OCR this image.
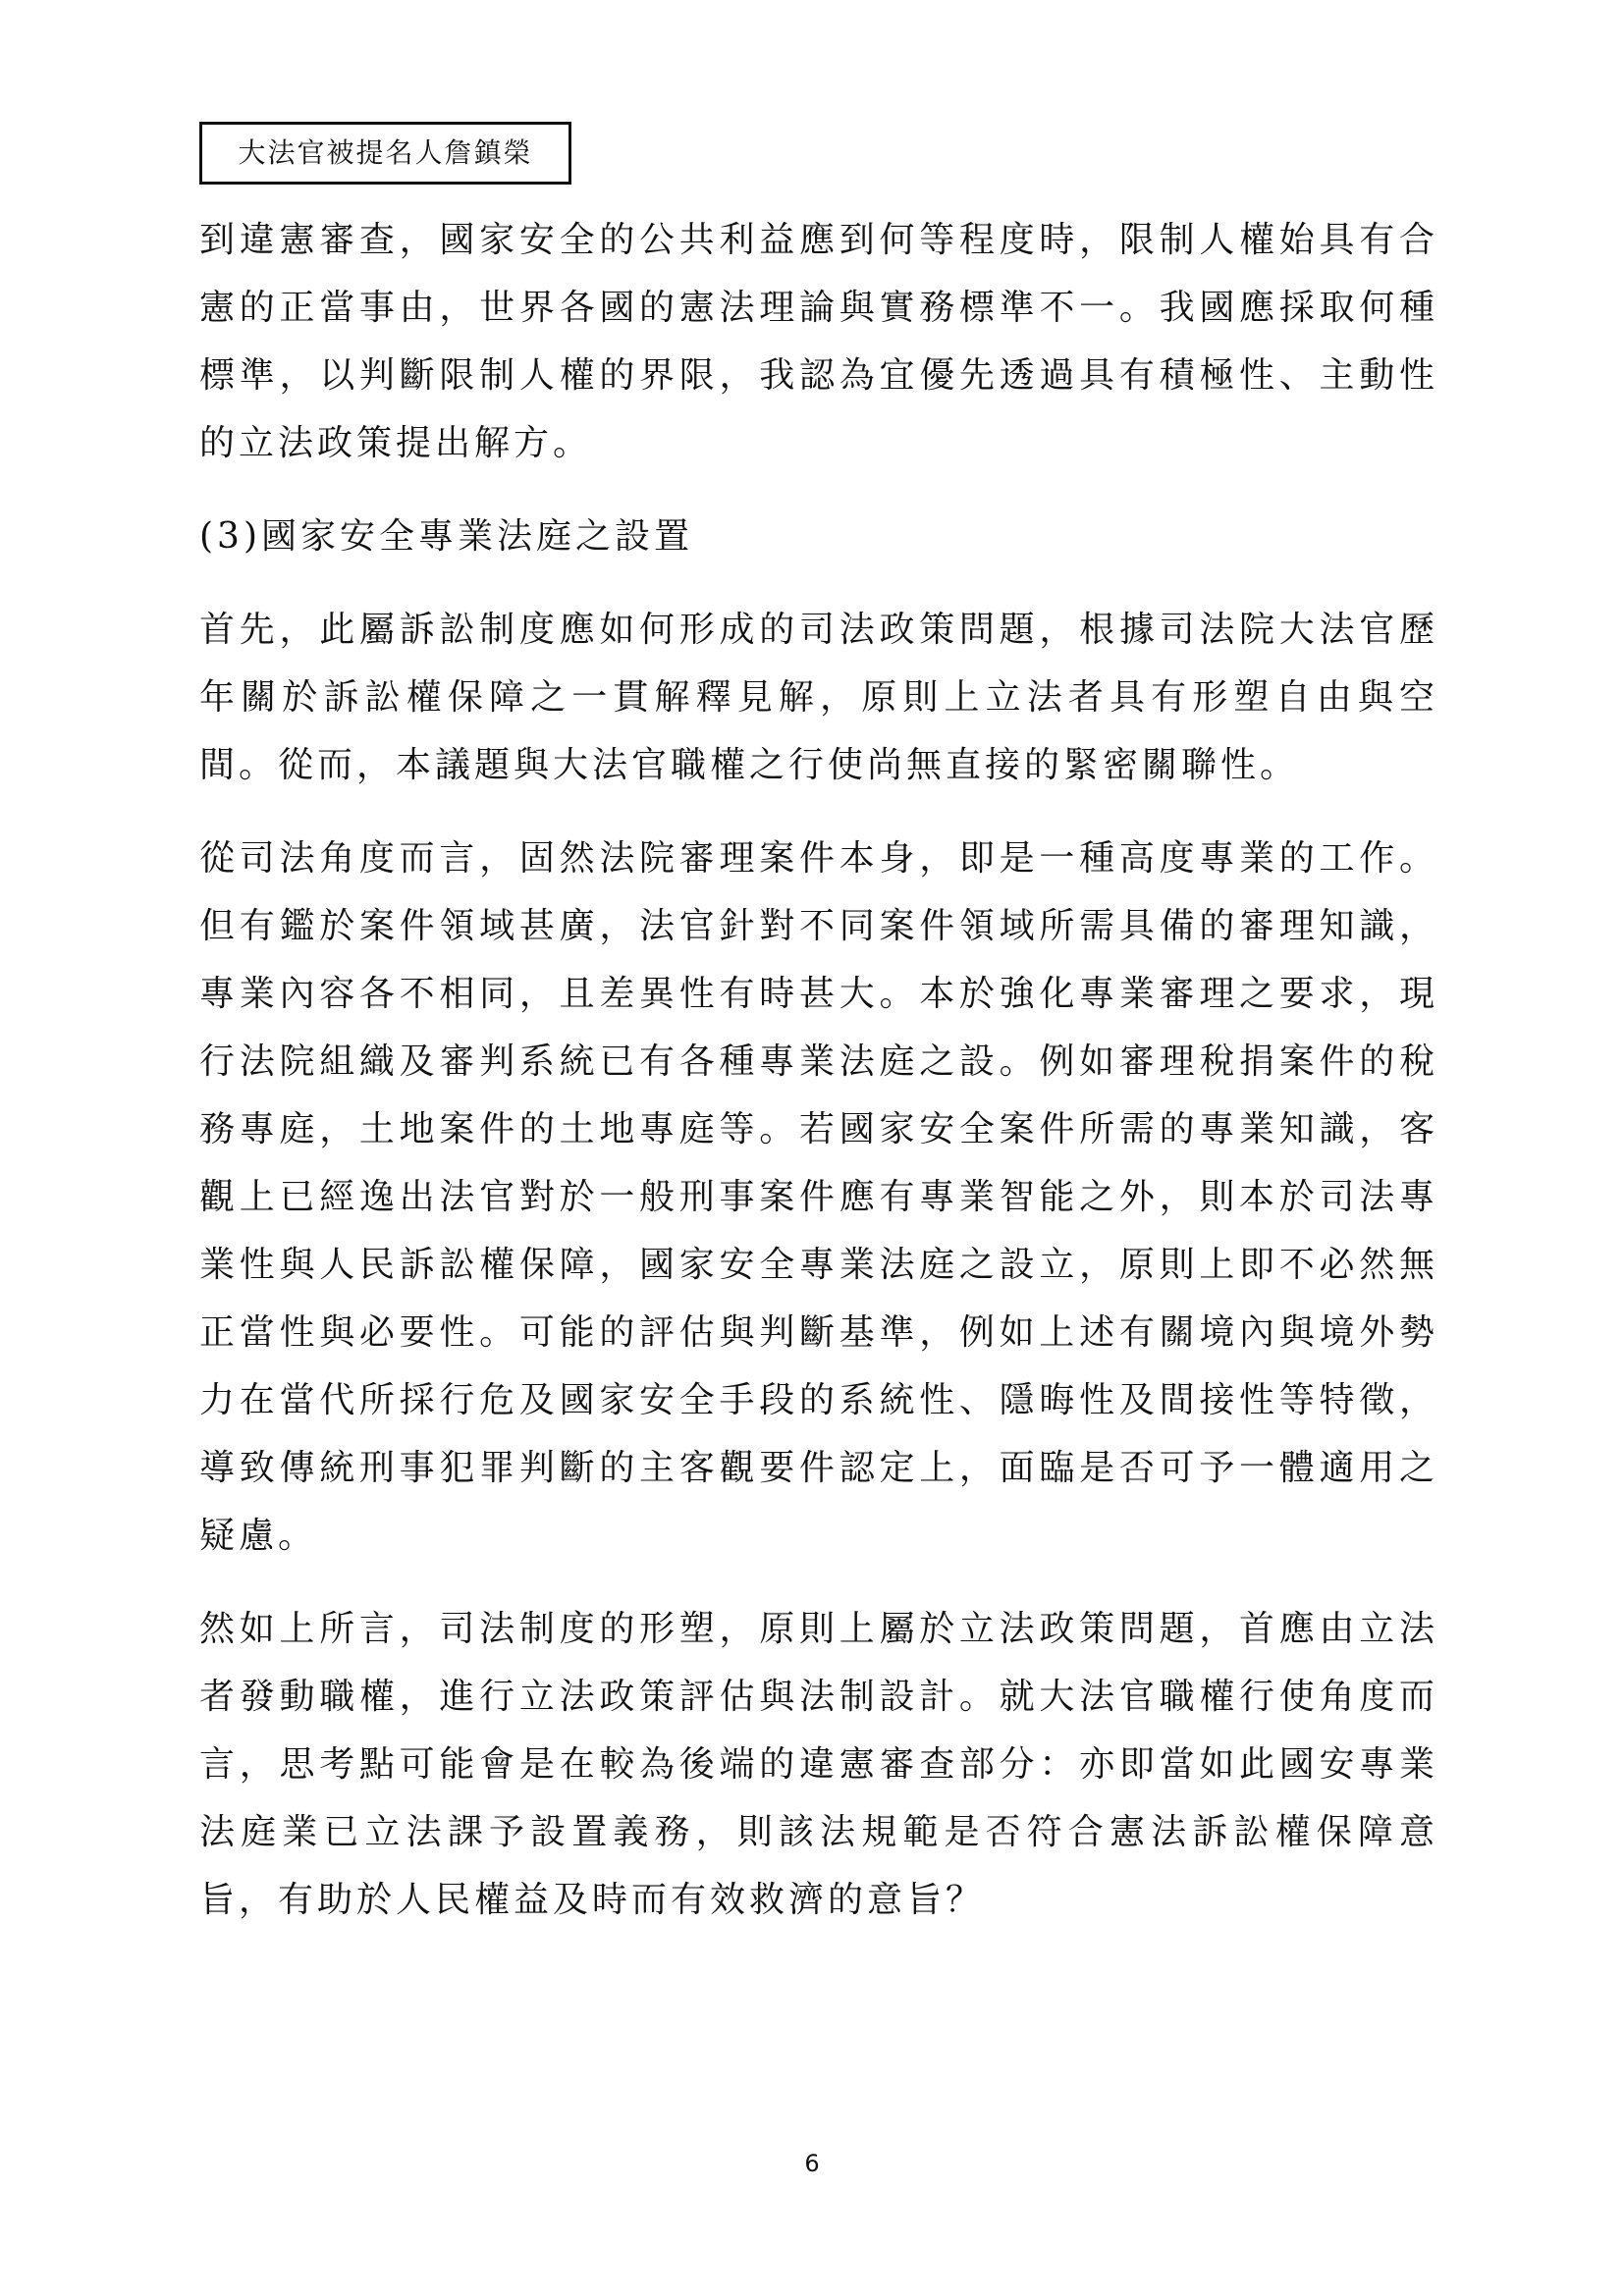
大法官被提名人詹鎮榮

到違憲審查，國家安全的公共利益應到何等程度時，限制人權始具有合憲的正當事由，世界各國的憲法理論與實務標準不一。我國應採取何種標準，以判斷限制人權的界限，我認為宜優先透過具有積極性、主動性的立法政策提出解方。

(3)國家安全專業法庭之設置

首先，此屬訴訟制度應如何形成的司法政策問題，根據司法院大法官歷年關於訴訟權保障之一貫解釋見解，原則上立法者具有形塑自由與空間。從而，本議題與大法官職權之行使尚無直接的緊密關聯性。

從司法角度而言，固然法院審理案件本身，即是一種高度專業的工作。但有鑑於案件領域甚廣，法官針對不同案件領域所需具備的審理知識，專業內容各不相同，且差異性有時甚大。本於強化專業審理之要求，現行法院組織及審判系統已有各種專業法庭之設。例如審理稅捐案件的稅務專庭，土地案件的土地專庭等。若國家安全案件所需的專業知識，客觀上已經逸出法官對於一般刑事案件應有專業智能之外，則本於司法專業性與人民訴訟權保障，國家安全專業法庭之設立，原則上即不必然無正當性與必要性。可能的評估與判斷基準，例如上述有關境內與境外勢力在當代所採行危及國家安全手段的系統性、隱晦性及間接性等特徵，導致傳統刑事犯罪判斷的主客觀要件認定上，面臨是否可予一體適用之疑慮。

然如上所言，司法制度的形塑，原則上屬於立法政策問題，首應由立法者發動職權，進行立法政策評估與法制設計。就大法官職權行使角度而言，思考點可能會是在較為後端的違憲審查部分：亦即當如此國安專業法庭業已立法課予設置義務，則該法規範是否符合憲法訴訟權保障意旨，有助於人民權益及時而有效救濟的意旨？

6
